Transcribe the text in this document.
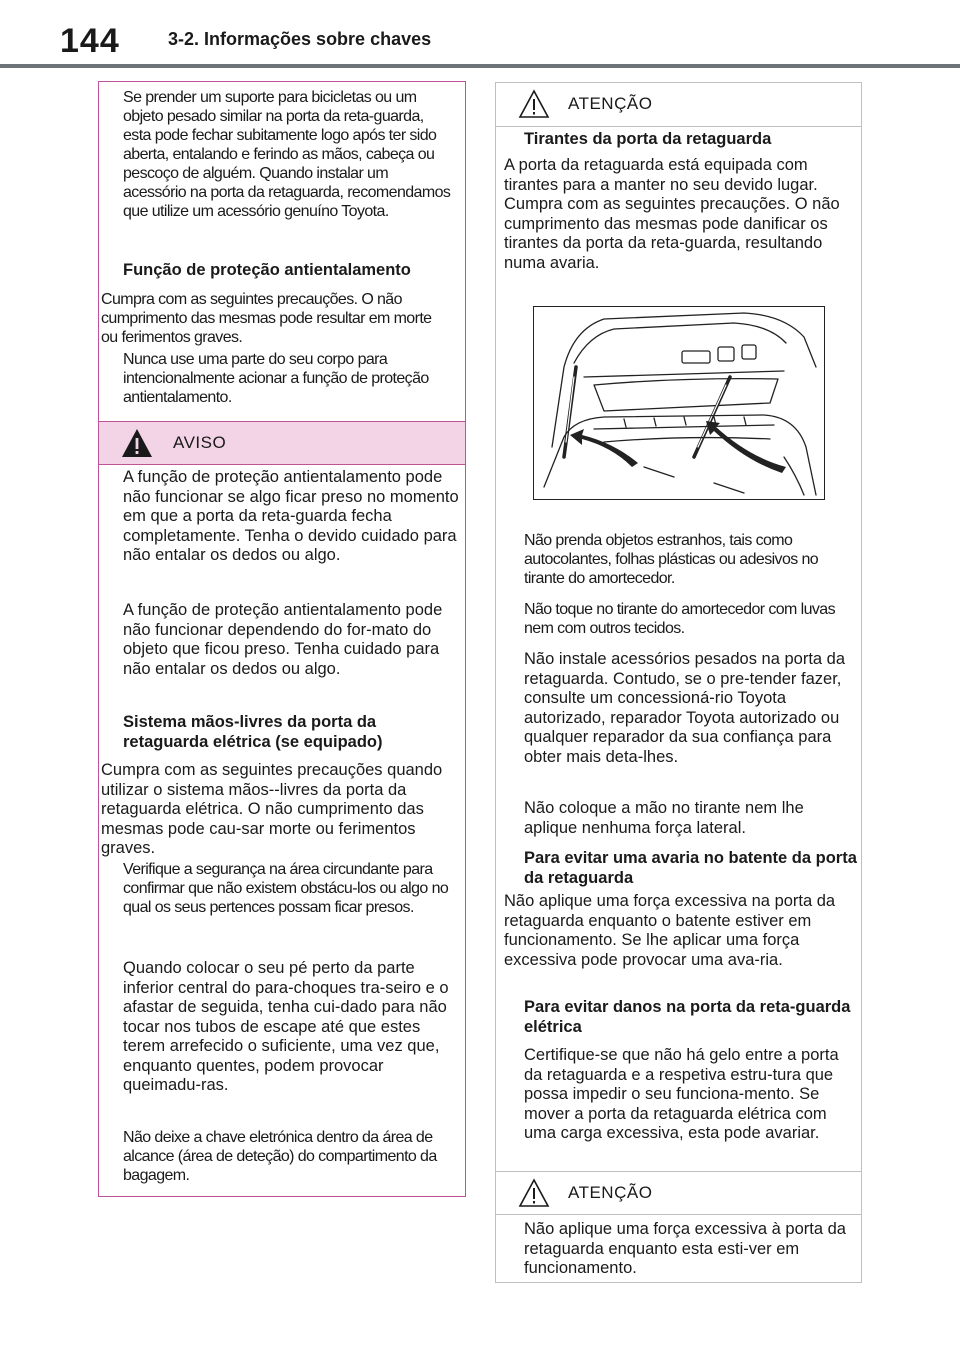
144	3-2. Informações sobre chaves

Se prender um suporte para bicicletas ou um objeto pesado similar na porta da reta-guarda, esta pode fechar subitamente logo após ter sido aberta, entalando e ferindo as mãos, cabeça ou pescoço de alguém. Quando instalar um acessório na porta da retaguarda, recomendamos que utilize um acessório genuíno Toyota.

Função de proteção antientalamento

Cumpra com as seguintes precauções. O não cumprimento das mesmas pode resultar em morte ou ferimentos graves.

Nunca use uma parte do seu corpo para intencionalmente acionar a função de proteção antientalamento.

AVISO

A função de proteção antientalamento pode não funcionar se algo ficar preso no momento em que a porta da reta-guarda fecha completamente. Tenha o devido cuidado para não entalar os dedos ou algo.

A função de proteção antientalamento pode não funcionar dependendo do for-mato do objeto que ficou preso. Tenha cuidado para não entalar os dedos ou algo.

Sistema mãos-livres da porta da retaguarda elétrica (se equipado)

Cumpra com as seguintes precauções quando utilizar o sistema mãos--livres da porta da retaguarda elétrica. O não cumprimento das mesmas pode cau-sar morte ou ferimentos graves.

Verifique a segurança na área circundante para confirmar que não existem obstácu-los ou algo no qual os seus pertences possam ficar presos.

Quando colocar o seu pé perto da parte inferior central do para-choques tra-seiro e o afastar de seguida, tenha cui-dado para não tocar nos tubos de escape até que estes terem arrefecido o suficiente, uma vez que, enquanto quentes, podem provocar queimadu-ras.

Não deixe a chave eletrónica dentro da área de alcance (área de deteção) do compartimento da bagagem.

ATENÇÃO

Tirantes da porta da retaguarda

A porta da retaguarda está equipada com tirantes para a manter no seu devido lugar. Cumpra com as seguintes precauções. O não cumprimento das mesmas pode danificar os tirantes da porta da reta-guarda, resultando numa avaria.

Não prenda objetos estranhos, tais como autocolantes, folhas plásticas ou adesivos no tirante do amortecedor.

Não toque no tirante do amortecedor com luvas nem com outros tecidos.

Não instale acessórios pesados na porta da retaguarda. Contudo, se o pre-tender fazer, consulte um concessioná-rio Toyota autorizado, reparador Toyota autorizado ou qualquer reparador da sua confiança para obter mais deta-lhes.

Não coloque a mão no tirante nem lhe aplique nenhuma força lateral.

Para evitar uma avaria no batente da porta da retaguarda

Não aplique uma força excessiva na porta da retaguarda enquanto o batente estiver em funcionamento. Se lhe aplicar uma força excessiva pode provocar uma ava-ria.

Para evitar danos na porta da reta-guarda elétrica

Certifique-se que não há gelo entre a porta da retaguarda e a respetiva estru-tura que possa impedir o seu funciona-mento. Se mover a porta da retaguarda elétrica com uma carga excessiva, esta pode avariar.

ATENÇÃO

Não aplique uma força excessiva à porta da retaguarda enquanto esta esti-ver em funcionamento.
